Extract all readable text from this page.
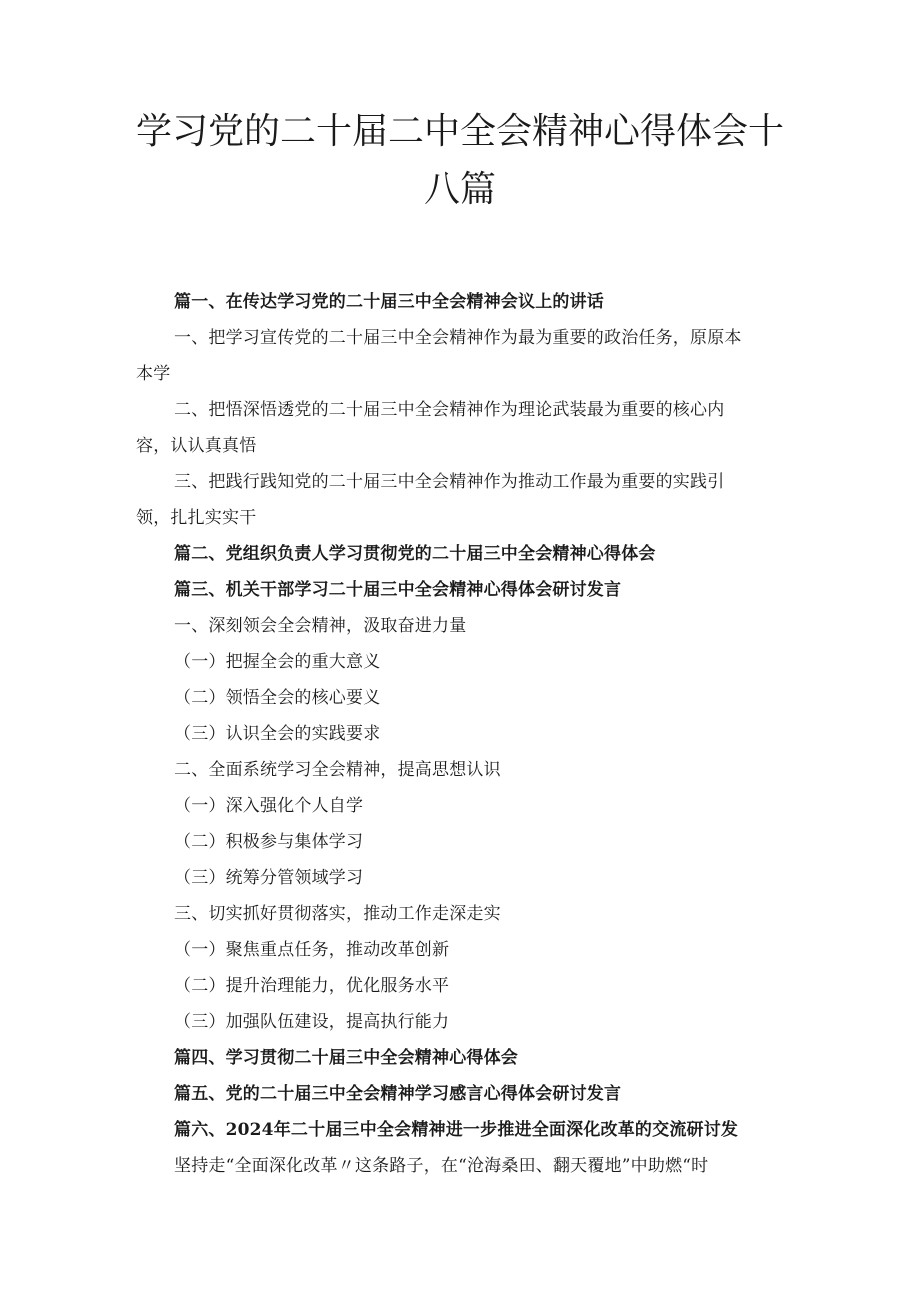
学习党的二十届二中全会精神心得体会十
八篇
篇一、在传达学习党的二十届三中全会精神会议上的讲话
一、把学习宣传党的二十届三中全会精神作为最为重要的政治任务，原原本
本学
二、把悟深悟透党的二十届三中全会精神作为理论武装最为重要的核心内
容，认认真真悟
三、把践行践知党的二十届三中全会精神作为推动工作最为重要的实践引
领，扎扎实实干
篇二、党组织负责人学习贯彻党的二十届三中全会精神心得体会
篇三、机关干部学习二十届三中全会精神心得体会研讨发言
一、深刻领会全会精神，汲取奋进力量
（一）把握全会的重大意义
（二）领悟全会的核心要义
（三）认识全会的实践要求
二、全面系统学习全会精神，提高思想认识
（一）深入强化个人自学
（二）积极参与集体学习
（三）统筹分管领域学习
三、切实抓好贯彻落实，推动工作走深走实
（一）聚焦重点任务，推动改革创新
（二）提升治理能力，优化服务水平
（三）加强队伍建设，提高执行能力
篇四、学习贯彻二十届三中全会精神心得体会
篇五、党的二十届三中全会精神学习感言心得体会研讨发言
篇六、2024年二十届三中全会精神进一步推进全面深化改革的交流研讨发
坚持走“全面深化改革〃这条路子，在“沧海桑田、翻天覆地”中助燃“时
